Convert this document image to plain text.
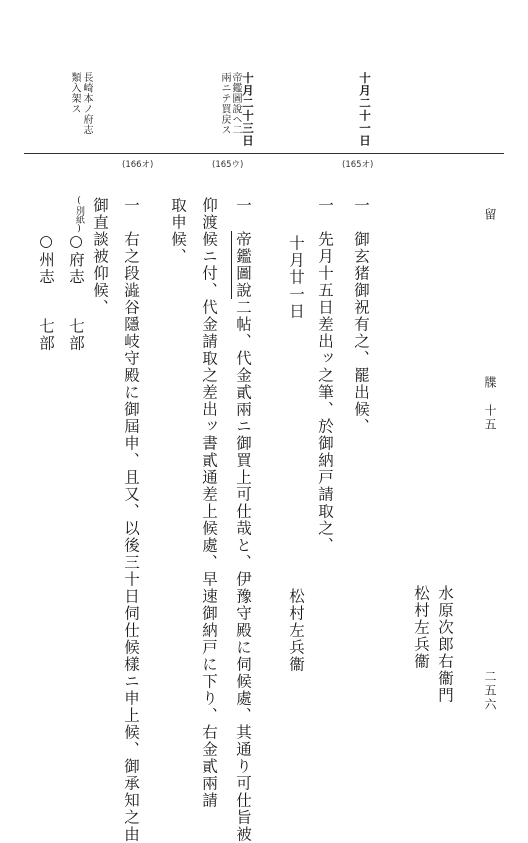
留　　　　　　　　　　　牒　十五
二五六
水原次郎右衞門
松村左兵衞
十月二十一日
十月二十三日
帝鑑圖說ヘ二
兩ニテ買戻ス
長崎本ノ府志
類入架ス
(165オ)
(165ウ)
(166オ)
一　御玄猪御祝有之、罷出候、
一　先月十五日差出ッ之筆、於御納戸請取之、
十月廿一日
松村左兵衞
一　帝鑑圖說二帖、代金貳兩ニ御買上可仕哉と、伊豫守殿に伺候處、其通り可仕旨被
仰渡候ニ付、代金請取之差出ッ書貳通差上候處、早速御納戸に下り、右金貳兩請
取申候、
一　右之段澁谷隱岐守殿に御屆申、且又、以後三十日伺仕候樣ニ申上候、御承知之由
御直談被仰候、
(別紙)
○府志
七部
○州志
七部
